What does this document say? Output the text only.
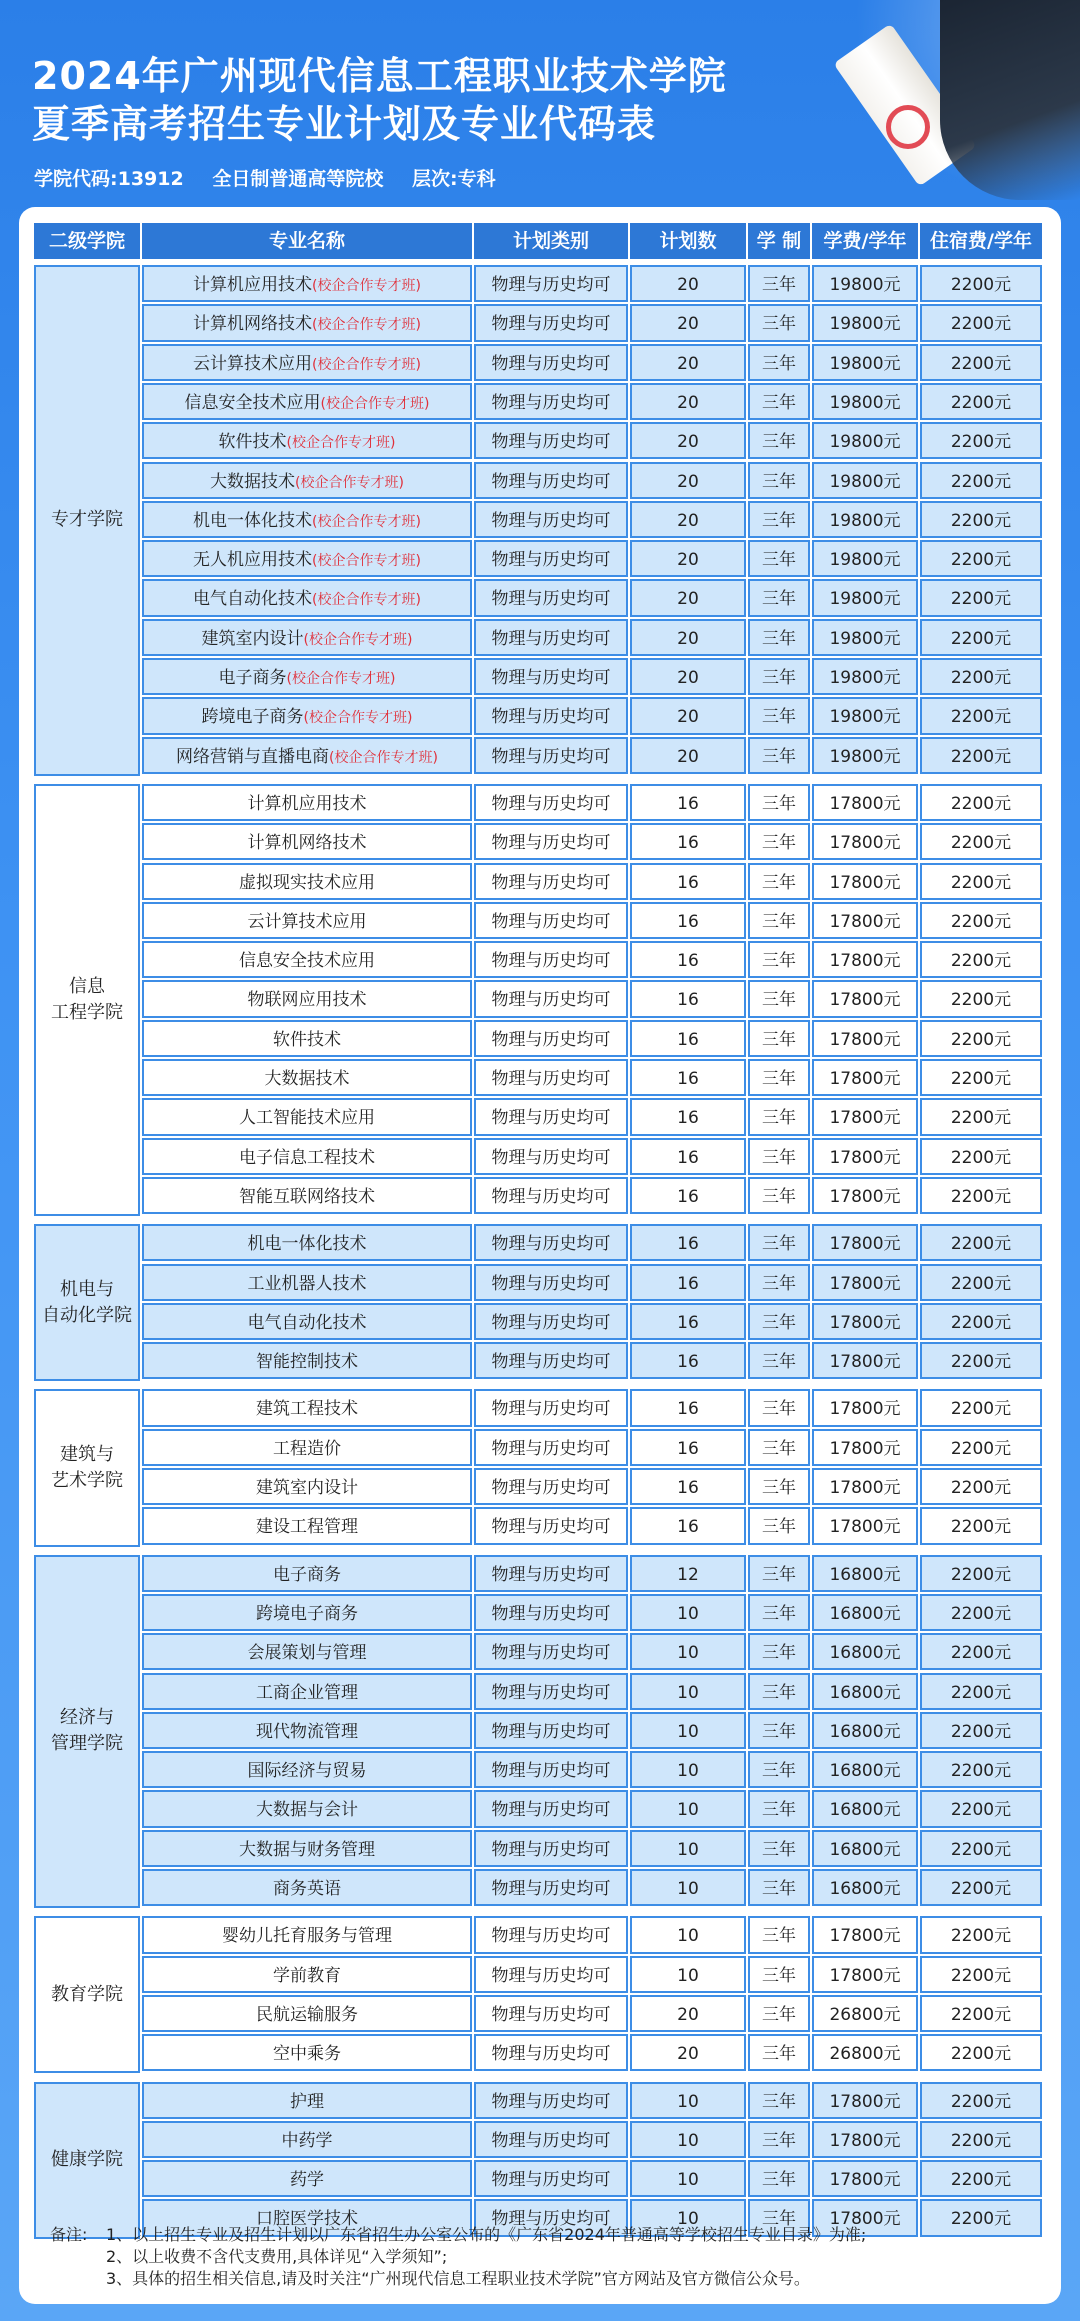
2024年广州现代信息工程职业技术学院
夏季高考招生专业计划及专业代码表
学院代码:13912 全日制普通高等院校 层次:专科
二级学院	专业名称	计划类别	计划数	学 制	学费/学年	住宿费/学年
专才学院
计算机应用技术(校企合作专才班)	物理与历史均可	20	三年	19800元	2200元
计算机网络技术(校企合作专才班)	物理与历史均可	20	三年	19800元	2200元
云计算技术应用(校企合作专才班)	物理与历史均可	20	三年	19800元	2200元
信息安全技术应用(校企合作专才班)	物理与历史均可	20	三年	19800元	2200元
软件技术(校企合作专才班)	物理与历史均可	20	三年	19800元	2200元
大数据技术(校企合作专才班)	物理与历史均可	20	三年	19800元	2200元
机电一体化技术(校企合作专才班)	物理与历史均可	20	三年	19800元	2200元
无人机应用技术(校企合作专才班)	物理与历史均可	20	三年	19800元	2200元
电气自动化技术(校企合作专才班)	物理与历史均可	20	三年	19800元	2200元
建筑室内设计(校企合作专才班)	物理与历史均可	20	三年	19800元	2200元
电子商务(校企合作专才班)	物理与历史均可	20	三年	19800元	2200元
跨境电子商务(校企合作专才班)	物理与历史均可	20	三年	19800元	2200元
网络营销与直播电商(校企合作专才班)	物理与历史均可	20	三年	19800元	2200元
信息
工程学院
计算机应用技术	物理与历史均可	16	三年	17800元	2200元
计算机网络技术	物理与历史均可	16	三年	17800元	2200元
虚拟现实技术应用	物理与历史均可	16	三年	17800元	2200元
云计算技术应用	物理与历史均可	16	三年	17800元	2200元
信息安全技术应用	物理与历史均可	16	三年	17800元	2200元
物联网应用技术	物理与历史均可	16	三年	17800元	2200元
软件技术	物理与历史均可	16	三年	17800元	2200元
大数据技术	物理与历史均可	16	三年	17800元	2200元
人工智能技术应用	物理与历史均可	16	三年	17800元	2200元
电子信息工程技术	物理与历史均可	16	三年	17800元	2200元
智能互联网络技术	物理与历史均可	16	三年	17800元	2200元
机电与
自动化学院
机电一体化技术	物理与历史均可	16	三年	17800元	2200元
工业机器人技术	物理与历史均可	16	三年	17800元	2200元
电气自动化技术	物理与历史均可	16	三年	17800元	2200元
智能控制技术	物理与历史均可	16	三年	17800元	2200元
建筑与
艺术学院
建筑工程技术	物理与历史均可	16	三年	17800元	2200元
工程造价	物理与历史均可	16	三年	17800元	2200元
建筑室内设计	物理与历史均可	16	三年	17800元	2200元
建设工程管理	物理与历史均可	16	三年	17800元	2200元
经济与
管理学院
电子商务	物理与历史均可	12	三年	16800元	2200元
跨境电子商务	物理与历史均可	10	三年	16800元	2200元
会展策划与管理	物理与历史均可	10	三年	16800元	2200元
工商企业管理	物理与历史均可	10	三年	16800元	2200元
现代物流管理	物理与历史均可	10	三年	16800元	2200元
国际经济与贸易	物理与历史均可	10	三年	16800元	2200元
大数据与会计	物理与历史均可	10	三年	16800元	2200元
大数据与财务管理	物理与历史均可	10	三年	16800元	2200元
商务英语	物理与历史均可	10	三年	16800元	2200元
教育学院
婴幼儿托育服务与管理	物理与历史均可	10	三年	17800元	2200元
学前教育	物理与历史均可	10	三年	17800元	2200元
民航运输服务	物理与历史均可	20	三年	26800元	2200元
空中乘务	物理与历史均可	20	三年	26800元	2200元
健康学院
护理	物理与历史均可	10	三年	17800元	2200元
中药学	物理与历史均可	10	三年	17800元	2200元
药学	物理与历史均可	10	三年	17800元	2200元
口腔医学技术	物理与历史均可	10	三年	17800元	2200元
备注: 1、以上招生专业及招生计划以广东省招生办公室公布的《广东省2024年普通高等学校招生专业目录》为准;
2、以上收费不含代支费用,具体详见“入学须知”;
3、具体的招生相关信息,请及时关注“广州现代信息工程职业技术学院”官方网站及官方微信公众号。
